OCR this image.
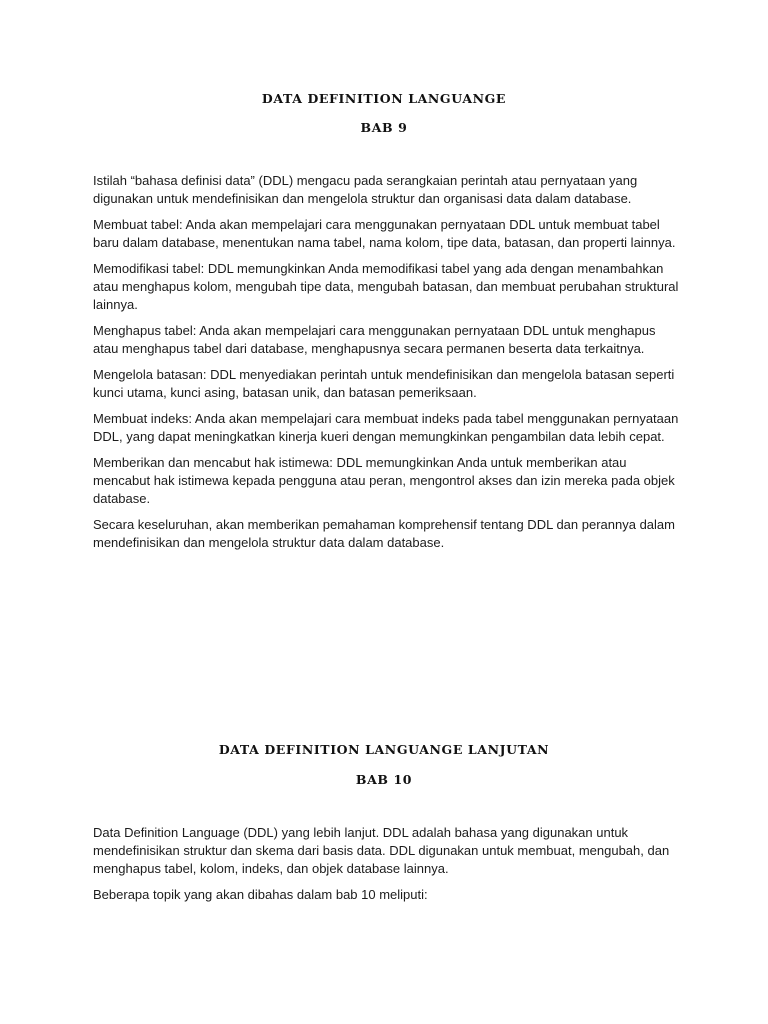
DATA DEFINITION LANGUANGE
BAB 9

Istilah “bahasa definisi data” (DDL) mengacu pada serangkaian perintah atau pernyataan yang digunakan untuk mendefinisikan dan mengelola struktur dan organisasi data dalam database.

Membuat tabel: Anda akan mempelajari cara menggunakan pernyataan DDL untuk membuat tabel baru dalam database, menentukan nama tabel, nama kolom, tipe data, batasan, dan properti lainnya.

Memodifikasi tabel: DDL memungkinkan Anda memodifikasi tabel yang ada dengan menambahkan atau menghapus kolom, mengubah tipe data, mengubah batasan, dan membuat perubahan struktural lainnya.

Menghapus tabel: Anda akan mempelajari cara menggunakan pernyataan DDL untuk menghapus atau menghapus tabel dari database, menghapusnya secara permanen beserta data terkaitnya.

Mengelola batasan: DDL menyediakan perintah untuk mendefinisikan dan mengelola batasan seperti kunci utama, kunci asing, batasan unik, dan batasan pemeriksaan.

Membuat indeks: Anda akan mempelajari cara membuat indeks pada tabel menggunakan pernyataan DDL, yang dapat meningkatkan kinerja kueri dengan memungkinkan pengambilan data lebih cepat.

Memberikan dan mencabut hak istimewa: DDL memungkinkan Anda untuk memberikan atau mencabut hak istimewa kepada pengguna atau peran, mengontrol akses dan izin mereka pada objek database.

Secara keseluruhan, akan memberikan pemahaman komprehensif tentang DDL dan perannya dalam mendefinisikan dan mengelola struktur data dalam database.

DATA DEFINITION LANGUANGE LANJUTAN
BAB 10

Data Definition Language (DDL) yang lebih lanjut. DDL adalah bahasa yang digunakan untuk mendefinisikan struktur dan skema dari basis data. DDL digunakan untuk membuat, mengubah, dan menghapus tabel, kolom, indeks, dan objek database lainnya.

Beberapa topik yang akan dibahas dalam bab 10 meliputi:
